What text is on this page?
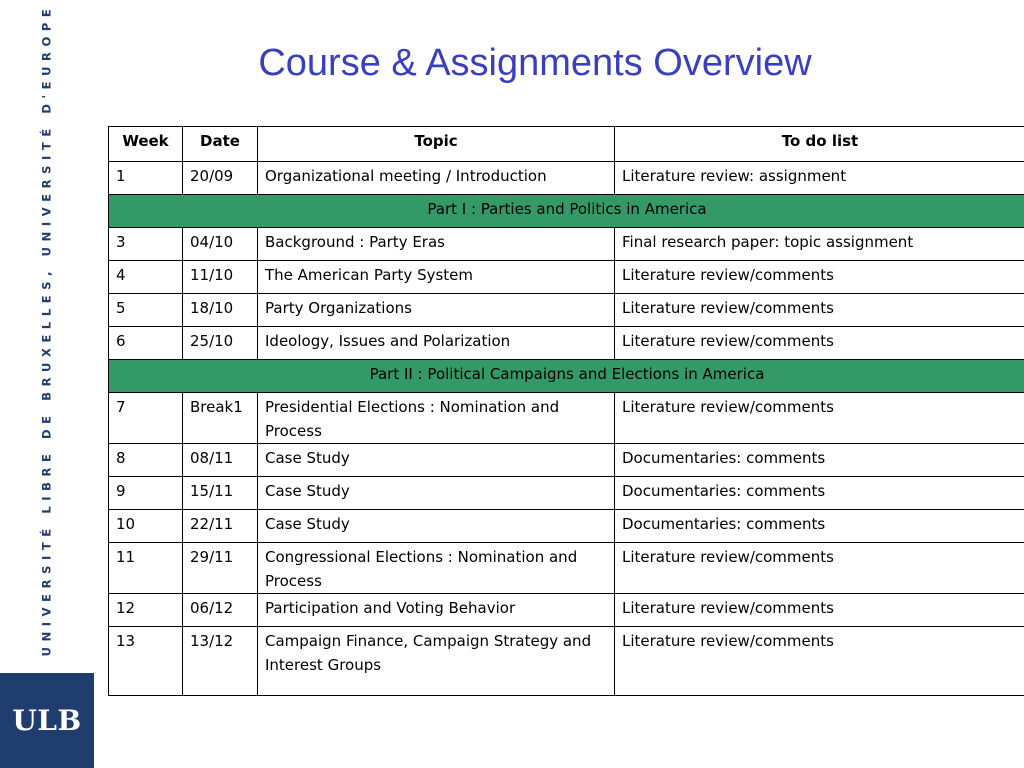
UNIVERSITÉ LIBRE DE BRUXELLES, UNIVERSITÉ D'EUROPE
ULB
Course & Assignments Overview
Week	Date	Topic	To do list
1	20/09	Organizational meeting / Introduction	Literature review: assignment
Part I : Parties and Politics in America			
3	04/10	Background : Party Eras	Final research paper: topic assignment
4	11/10	The American Party System	Literature review/comments
5	18/10	Party Organizations	Literature review/comments
6	25/10	Ideology, Issues and Polarization	Literature review/comments
Part II : Political Campaigns and Elections in America			
7	Break1	Presidential Elections : Nomination and Process	Literature review/comments
8	08/11	Case Study	Documentaries: comments
9	15/11	Case Study	Documentaries: comments
10	22/11	Case Study	Documentaries: comments
11	29/11	Congressional Elections : Nomination and Process	Literature review/comments
12	06/12	Participation and Voting Behavior	Literature review/comments
13	13/12	Campaign Finance, Campaign Strategy and Interest Groups	Literature review/comments
